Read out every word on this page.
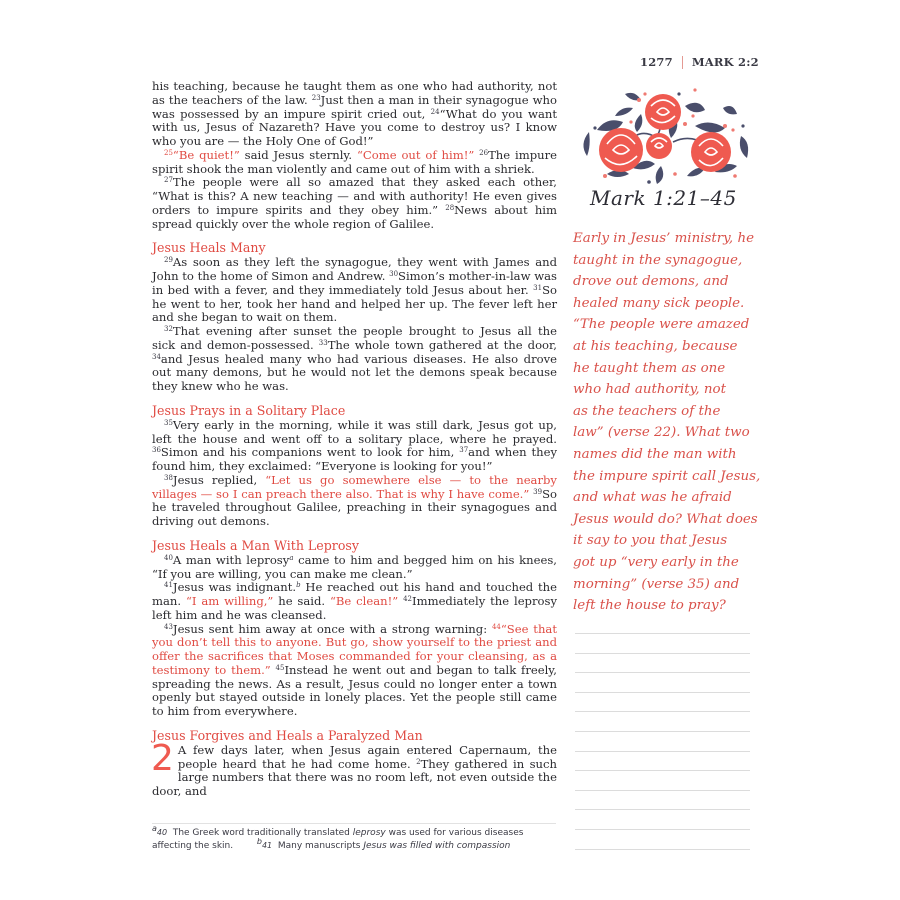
1277 MARK 2:2

his teaching, because he taught them as one who had authority, not as the teachers of the law. $^{23}$Just then a man in their synagogue who was possessed by an impure spirit cried out, $^{24}$“What do you want with us, Jesus of Nazareth? Have you come to destroy us? I know who you are — the Holy One of God!”

$^{25}$“Be quiet!” said Jesus sternly. “Come out of him!” $^{26}$The impure spirit shook the man violently and came out of him with a shriek.

$^{27}$The people were all so amazed that they asked each other, “What is this? A new teaching — and with authority! He even gives orders to impure spirits and they obey him.” $^{28}$News about him spread quickly over the whole region of Galilee.

Jesus Heals Many

$^{29}$As soon as they left the synagogue, they went with James and John to the home of Simon and Andrew. $^{30}$Simon’s mother-in-law was in bed with a fever, and they immediately told Jesus about her. $^{31}$So he went to her, took her hand and helped her up. The fever left her and she began to wait on them.

$^{32}$That evening after sunset the people brought to Jesus all the sick and demon-possessed. $^{33}$The whole town gathered at the door, $^{34}$and Jesus healed many who had various diseases. He also drove out many demons, but he would not let the demons speak because they knew who he was.

Jesus Prays in a Solitary Place

$^{35}$Very early in the morning, while it was still dark, Jesus got up, left the house and went off to a solitary place, where he prayed. $^{36}$Simon and his companions went to look for him, $^{37}$and when they found him, they exclaimed: “Everyone is looking for you!”

$^{38}$Jesus replied, “Let us go somewhere else — to the nearby villages — so I can preach there also. That is why I have come.” $^{39}$So he traveled throughout Galilee, preaching in their synagogues and driving out demons.

Jesus Heals a Man With Leprosy

$^{40}$A man with leprosy$^a$ came to him and begged him on his knees, “If you are willing, you can make me clean.”

$^{41}$Jesus was indignant.$^b$ He reached out his hand and touched the man. “I am willing,” he said. “Be clean!” $^{42}$Immediately the leprosy left him and he was cleansed.

$^{43}$Jesus sent him away at once with a strong warning: $^{44}$“See that you don’t tell this to anyone. But go, show yourself to the priest and offer the sacrifices that Moses commanded for your cleansing, as a testimony to them.” $^{45}$Instead he went out and began to talk freely, spreading the news. As a result, Jesus could no longer enter a town openly but stayed outside in lonely places. Yet the people still came to him from everywhere.

Jesus Forgives and Heals a Paralyzed Man
2 A few days later, when Jesus again entered Capernaum, the people heard that he had come home. $^2$They gathered in such large numbers that there was no room left, not even outside the door, and

$^a$40 The Greek word traditionally translated leprosy was used for various diseases affecting the skin.	$^b$41 Many manuscripts Jesus was filled with compassion
Mark 1:21–45
Early in Jesus’ ministry, he
taught in the synagogue,
drove out demons, and
healed many sick people.
“The people were amazed
at his teaching, because
he taught them as one
who had authority, not
as the teachers of the
law” (verse 22). What two
names did the man with
the impure spirit call Jesus,
and what was he afraid
Jesus would do? What does
it say to you that Jesus
got up “very early in the
morning” (verse 35) and
left the house to pray?
